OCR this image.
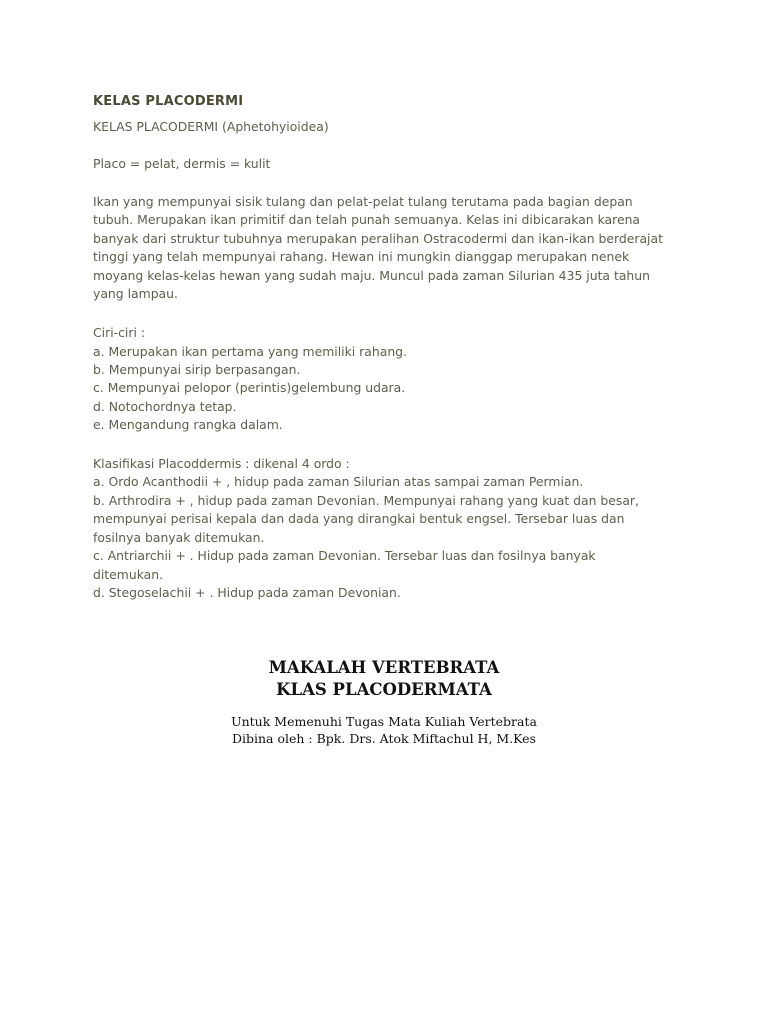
KELAS PLACODERMI
KELAS PLACODERMI (Aphetohyioidea)
Placo = pelat, dermis = kulit
Ikan yang mempunyai sisik tulang dan pelat-pelat tulang terutama pada bagian depan
tubuh. Merupakan ikan primitif dan telah punah semuanya. Kelas ini dibicarakan karena
banyak dari struktur tubuhnya merupakan peralihan Ostracodermi dan ikan-ikan berderajat
tinggi yang telah mempunyai rahang. Hewan ini mungkin dianggap merupakan nenek
moyang kelas-kelas hewan yang sudah maju. Muncul pada zaman Silurian 435 juta tahun
yang lampau.
Ciri-ciri :
a. Merupakan ikan pertama yang memiliki rahang.
b. Mempunyai sirip berpasangan.
c. Mempunyai pelopor (perintis)gelembung udara.
d. Notochordnya tetap.
e. Mengandung rangka dalam.
Klasifikasi Placoddermis : dikenal 4 ordo :
a. Ordo Acanthodii + , hidup pada zaman Silurian atas sampai zaman Permian.
b. Arthrodira + , hidup pada zaman Devonian. Mempunyai rahang yang kuat dan besar,
mempunyai perisai kepala dan dada yang dirangkai bentuk engsel. Tersebar luas dan
fosilnya banyak ditemukan.
c. Antriarchii + . Hidup pada zaman Devonian. Tersebar luas dan fosilnya banyak
ditemukan.
d. Stegoselachii + . Hidup pada zaman Devonian.
MAKALAH VERTEBRATA
KLAS PLACODERMATA
Untuk Memenuhi Tugas Mata Kuliah Vertebrata
Dibina oleh : Bpk. Drs. Atok Miftachul H, M.Kes
